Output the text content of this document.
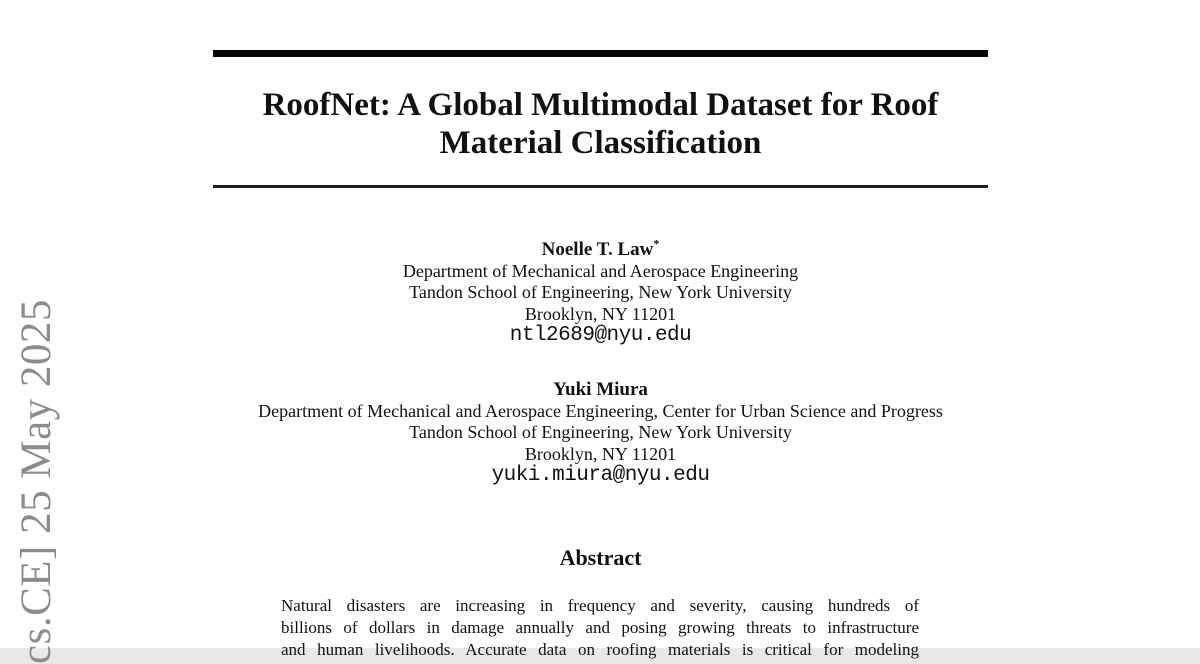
cs.CE] 25 May 2025
RoofNet: A Global Multimodal Dataset for Roof
Material Classification
Noelle T. Law*
Department of Mechanical and Aerospace Engineering
Tandon School of Engineering, New York University
Brooklyn, NY 11201
ntl2689@nyu.edu
Yuki Miura
Department of Mechanical and Aerospace Engineering, Center for Urban Science and Progress
Tandon School of Engineering, New York University
Brooklyn, NY 11201
yuki.miura@nyu.edu
Abstract
Natural disasters are increasing in frequency and severity, causing hundreds of
billions of dollars in damage annually and posing growing threats to infrastructure
and human livelihoods. Accurate data on roofing materials is critical for modeling
